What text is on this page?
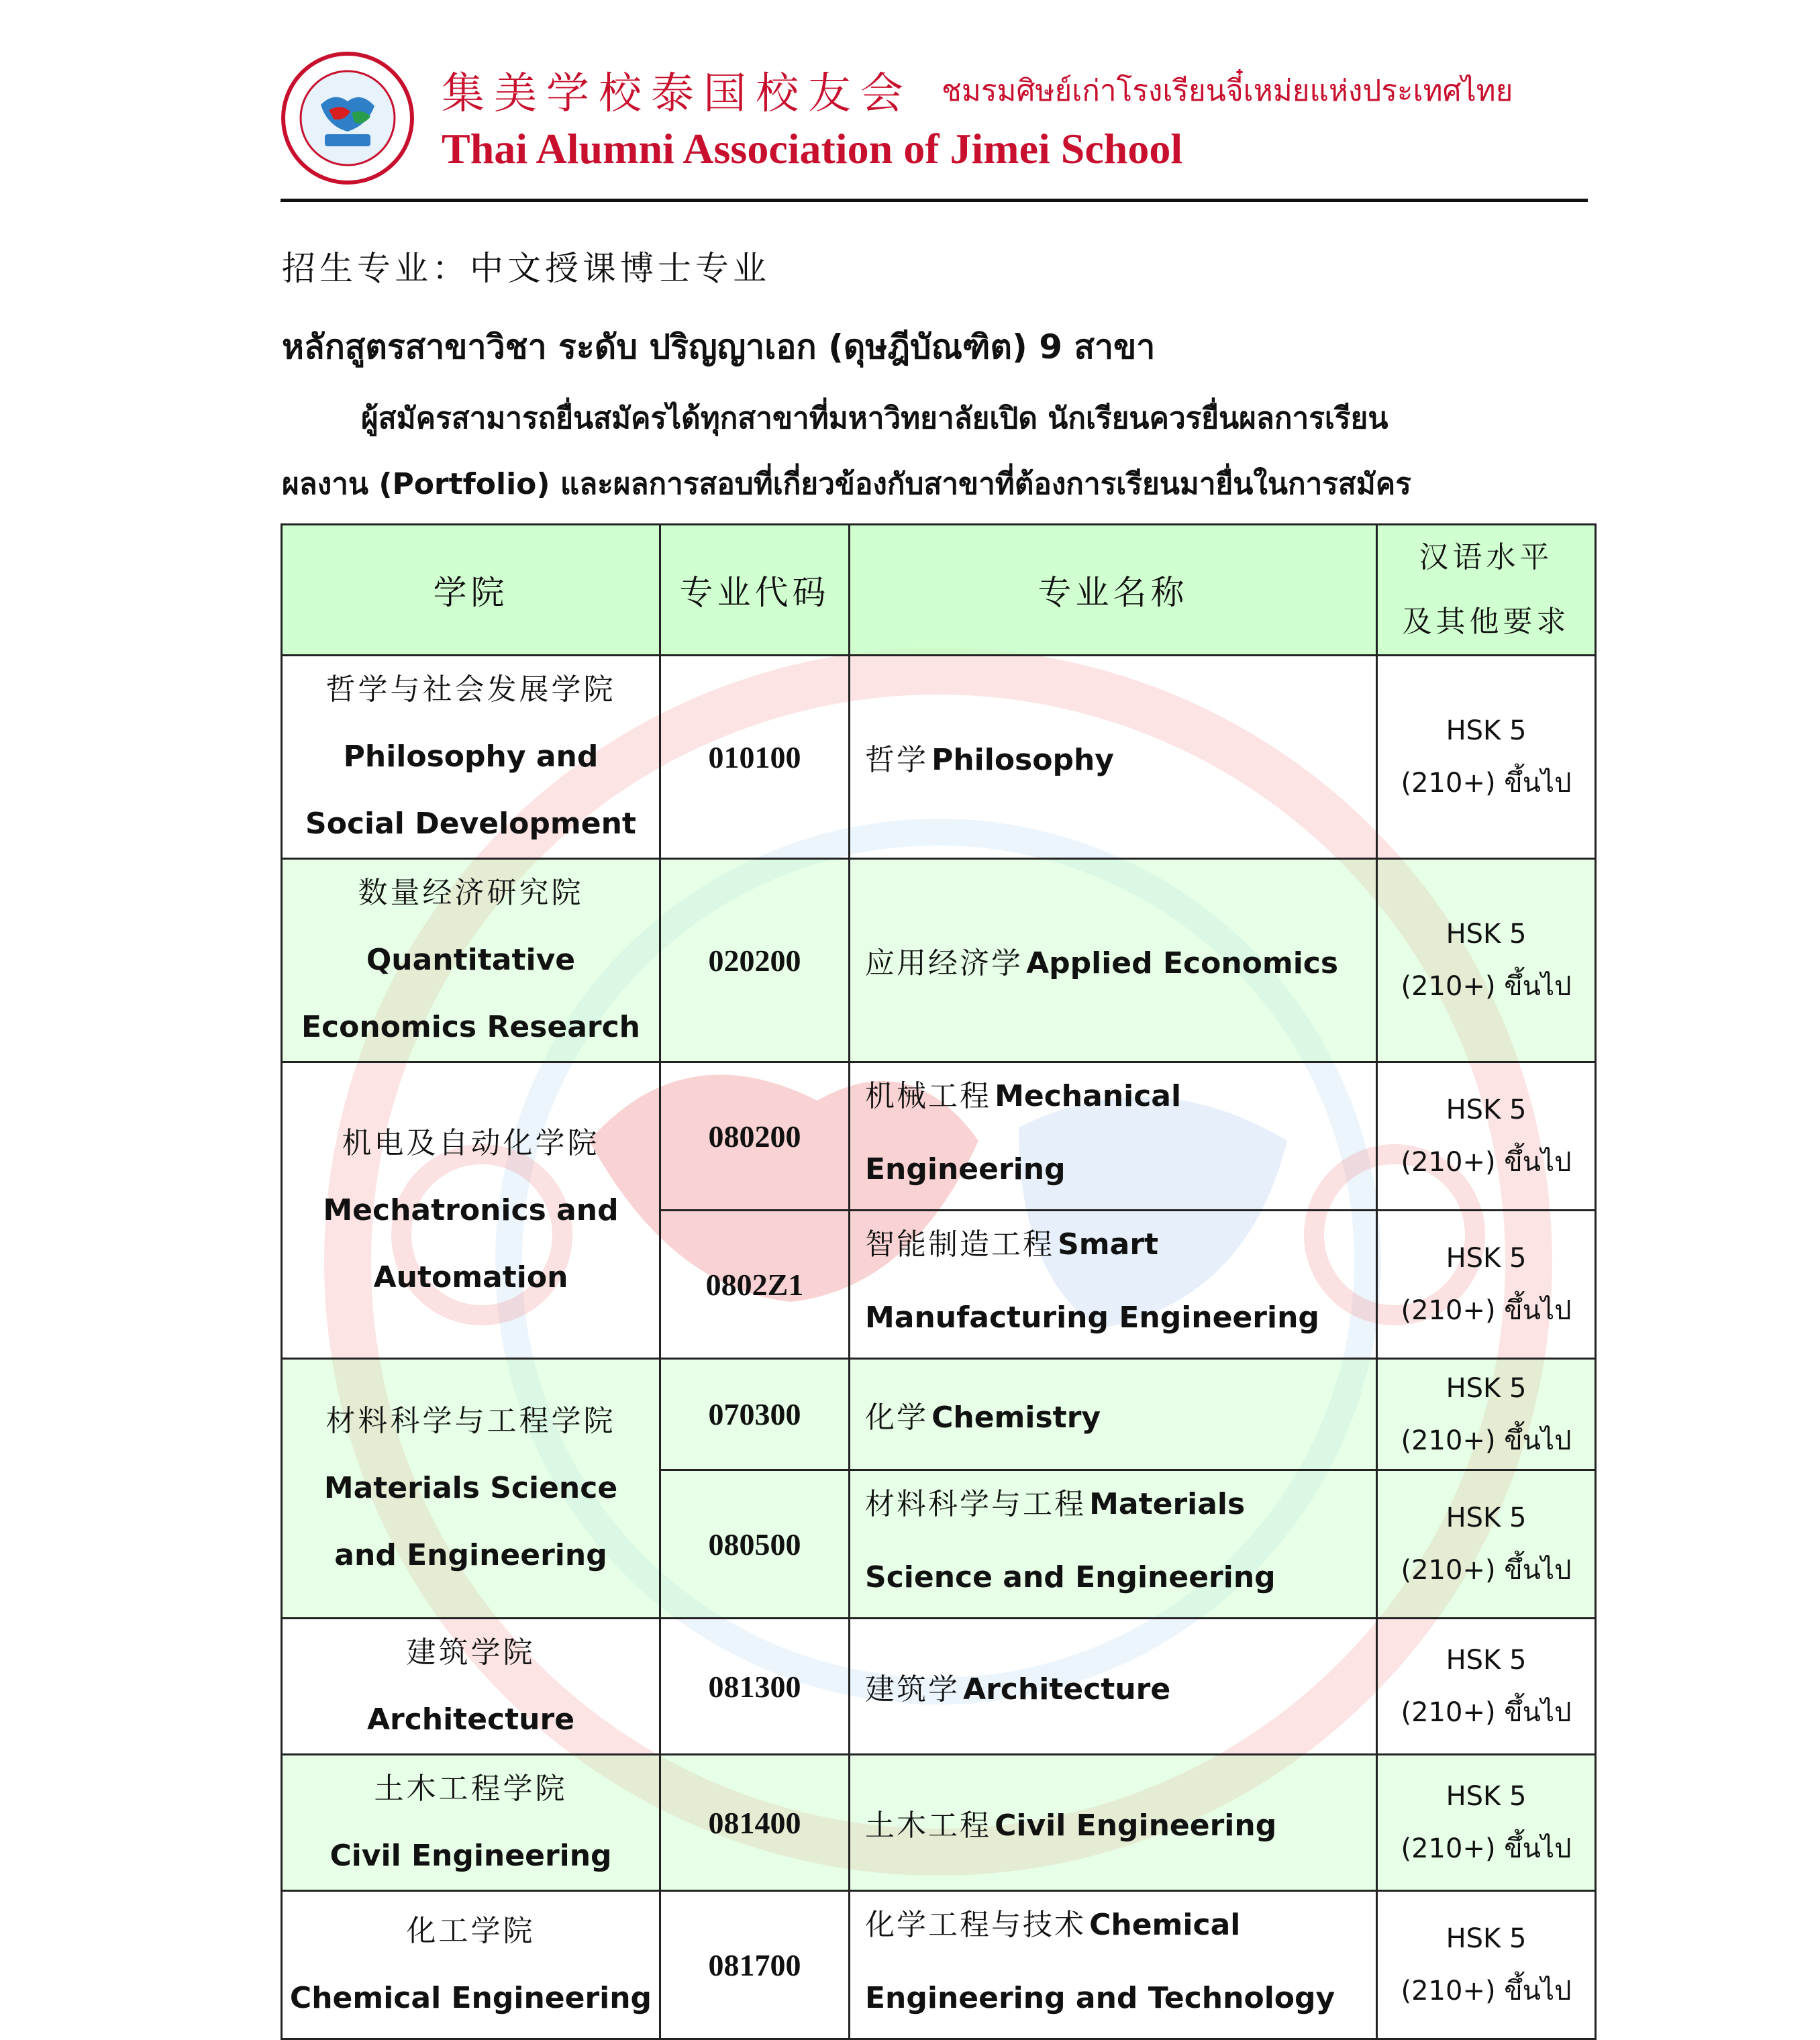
集美学校泰国校友会 ชมรมศิษย์เก่าโรงเรียนจี๋เหม่ยแห่งประเทศไทย
Thai Alumni Association of Jimei School
招生专业：中文授课博士专业
หลักสูตรสาขาวิชา ระดับ ปริญญาเอก (ดุษฎีบัณฑิต) 9 สาขา
ผู้สมัครสามารถยื่นสมัครได้ทุกสาขาที่มหาวิทยาลัยเปิด นักเรียนควรยื่นผลการเรียน
ผลงาน (Portfolio) และผลการสอบที่เกี่ยวข้องกับสาขาที่ต้องการเรียนมายื่นในการสมัคร
学院	专业代码	专业名称	汉语水平
及其他要求

哲学与社会发展学院
Philosophy and
Social Development	010100	哲学 Philosophy	HSK 5
(210+) ขึ้นไป

数量经济研究院
Quantitative
Economics Research	020200	应用经济学 Applied Economics	HSK 5
(210+) ขึ้นไป

机电及自动化学院
Mechatronics and
Automation	080200	机械工程 Mechanical
Engineering	HSK 5
(210+) ขึ้นไป

	0802Z1	智能制造工程 Smart
Manufacturing Engineering	HSK 5
(210+) ขึ้นไป

材料科学与工程学院
Materials Science
and Engineering	070300	化学 Chemistry	HSK 5
(210+) ขึ้นไป

	080500	材料科学与工程 Materials
Science and Engineering	HSK 5
(210+) ขึ้นไป

建筑学院
Architecture	081300	建筑学 Architecture	HSK 5
(210+) ขึ้นไป

土木工程学院
Civil Engineering	081400	土木工程 Civil Engineering	HSK 5
(210+) ขึ้นไป

化工学院
Chemical Engineering	081700	化学工程与技术 Chemical
Engineering and Technology	HSK 5
(210+) ขึ้นไป
